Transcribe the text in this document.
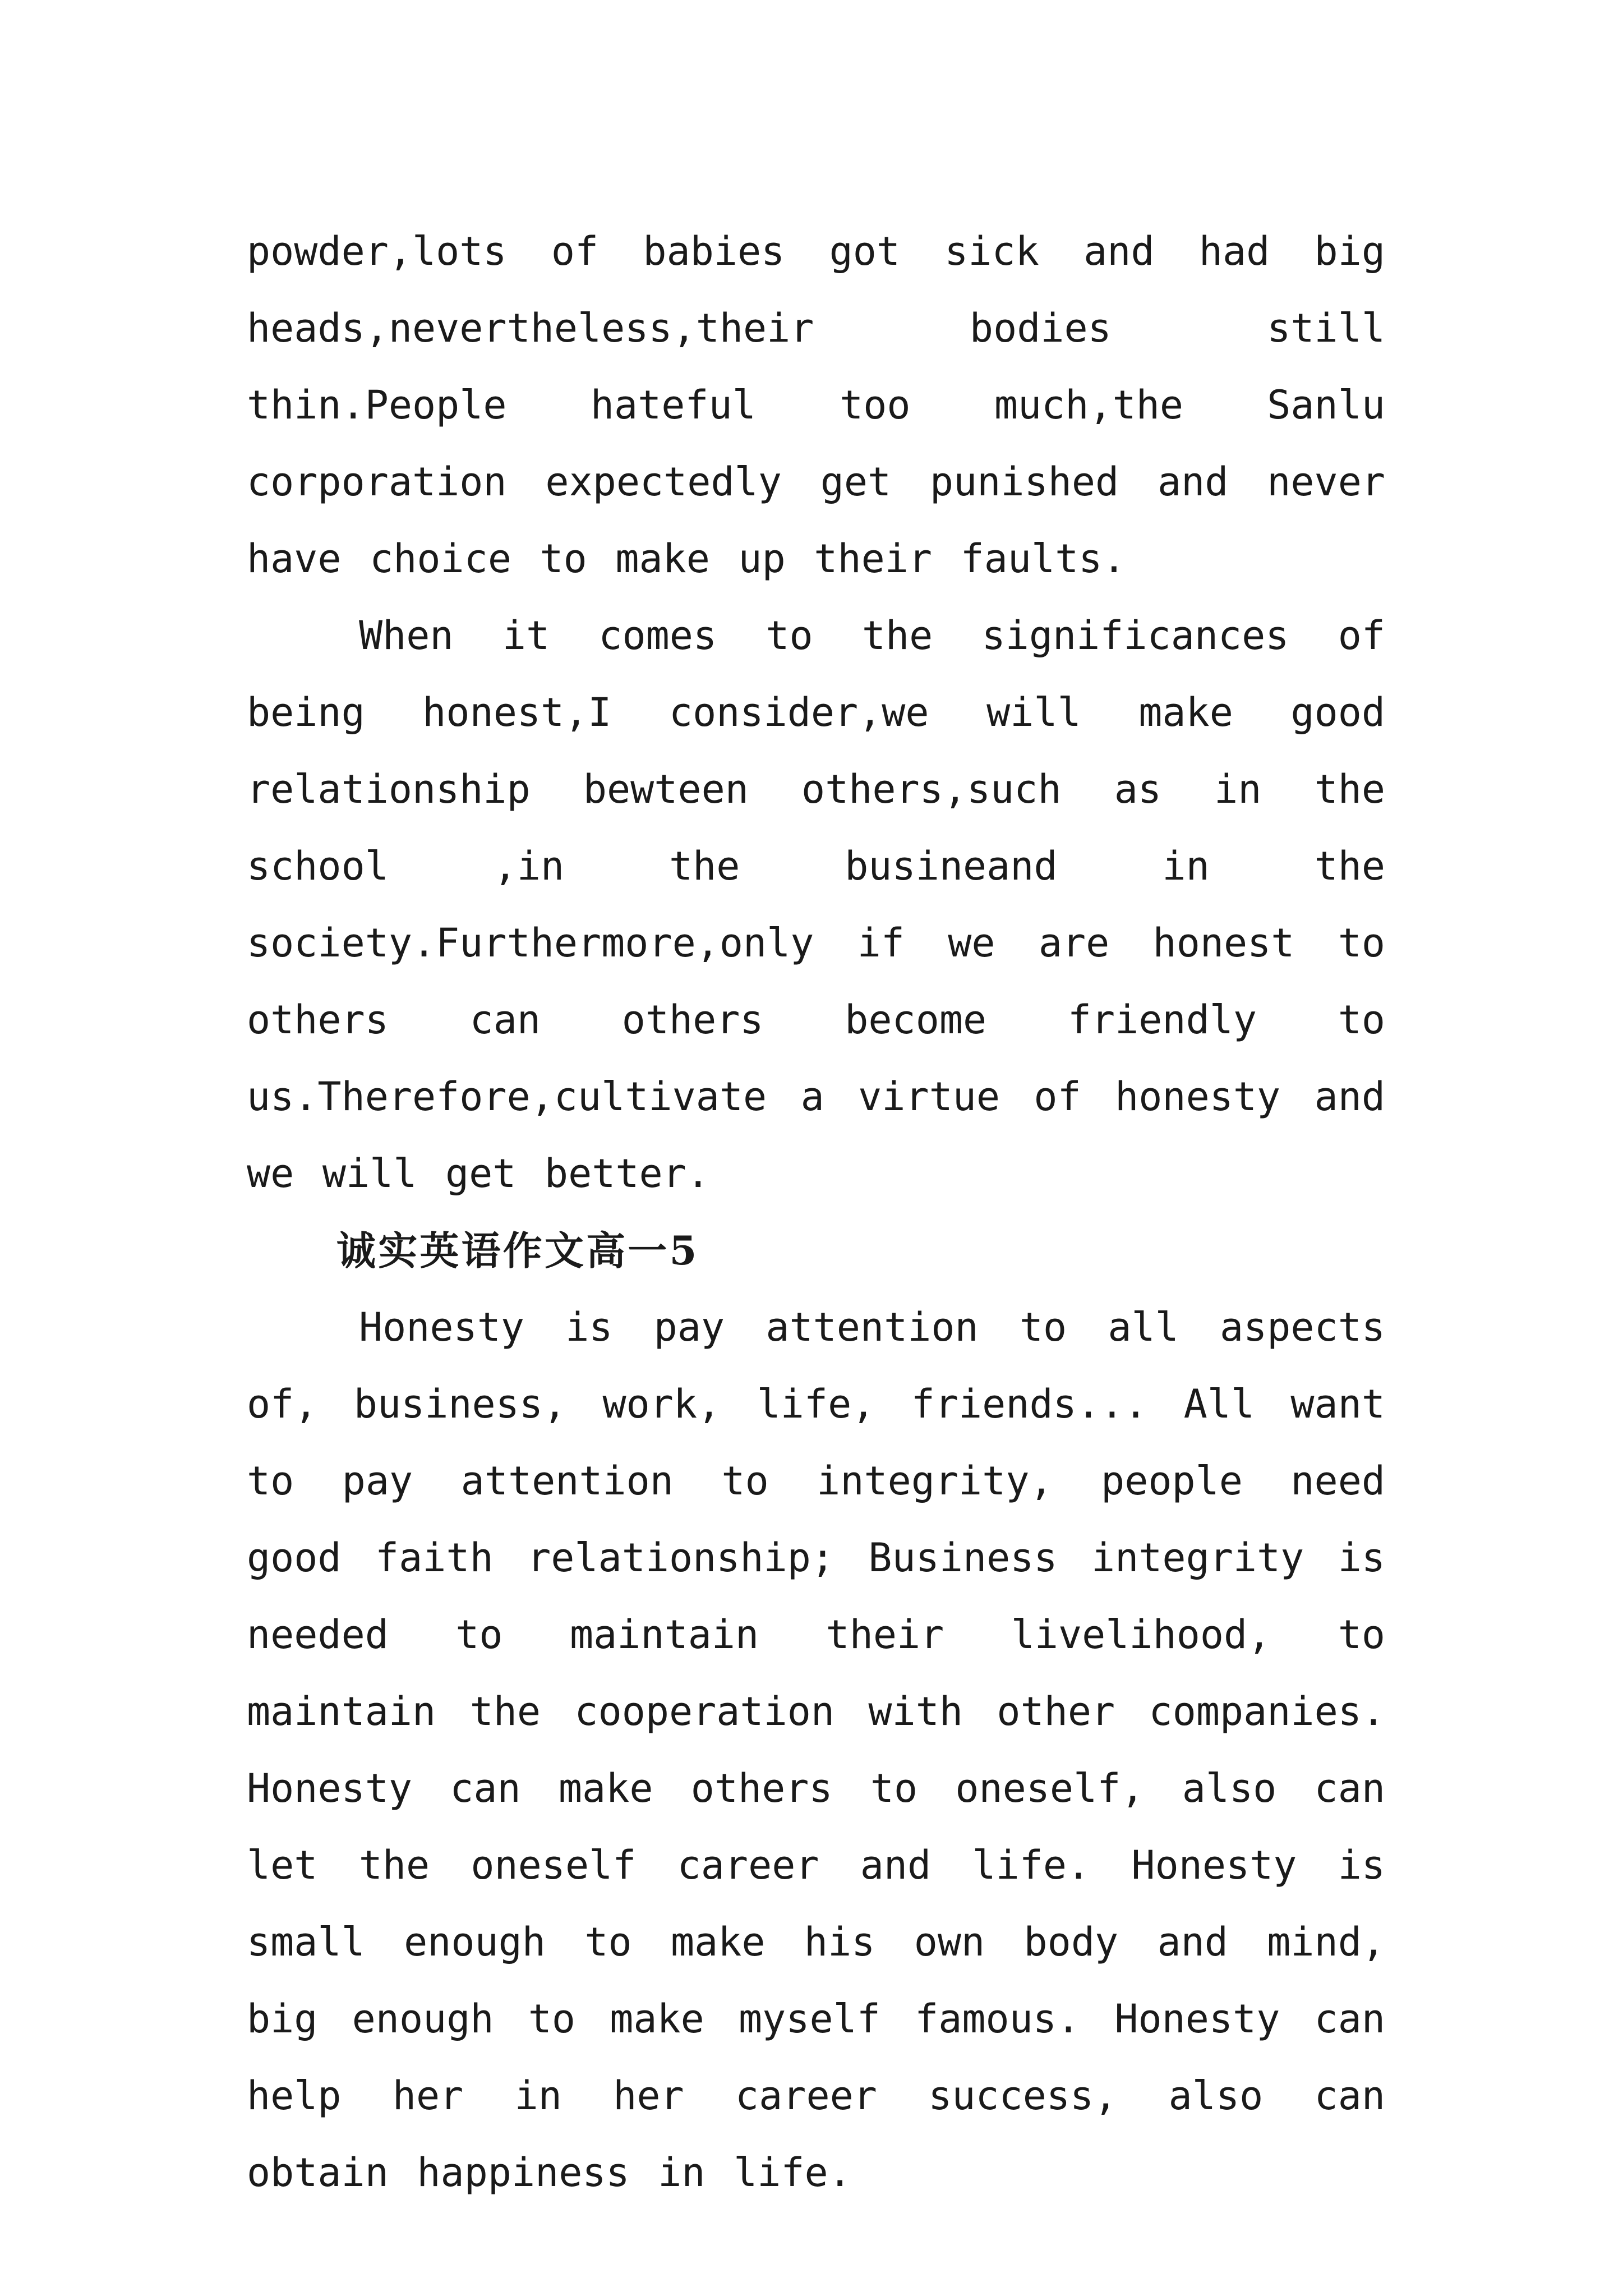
powder,lots of babies got sick and had big heads,nevertheless,their bodies still thin.People hateful too much,the Sanlu corporation expectedly get punished and never have choice to make up their faults.

When it comes to the significances of being honest,I consider,we will make good relationship bewteen others,such as in the school ,in the busineand in the society.Furthermore,only if we are honest to others can others become friendly to us.Therefore,cultivate a virtue of honesty and we will get better.

诚实英语作文高一5

Honesty is pay attention to all aspects of, business, work, life, friends... All want to pay attention to integrity, people need good faith relationship; Business integrity is needed to maintain their livelihood, to maintain the cooperation with other companies. Honesty can make others to oneself, also can let the oneself career and life. Honesty is small enough to make his own body and mind, big enough to make myself famous. Honesty can help her in her career success, also can obtain happiness in life.
